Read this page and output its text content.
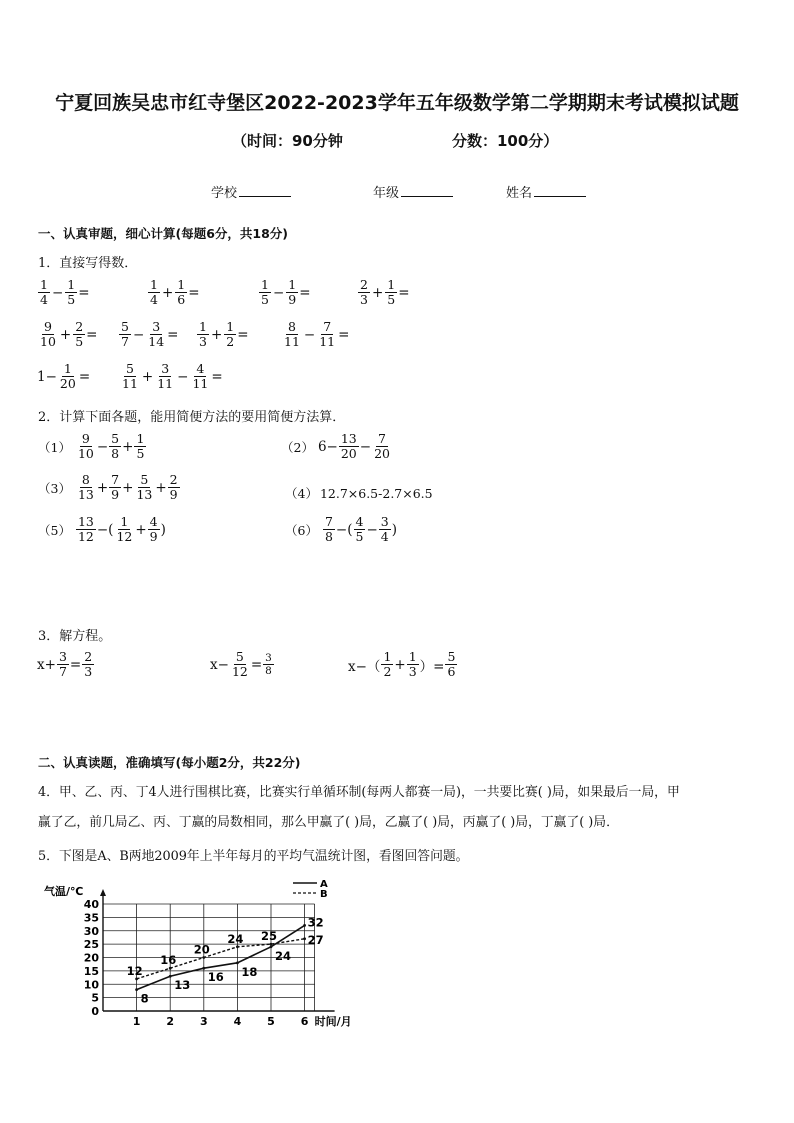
宁夏回族吴忠市红寺堡区2022-2023学年五年级数学第二学期期末考试模拟试题
（时间：90分钟	分数：100分）
学校	年级	姓名
一、认真审题，细心计算(每题6分，共18分)
1．直接写得数．
$\frac{1}{4} - \frac{1}{5}$ =	$\frac{1}{4} + \frac{1}{6}$ =	$\frac{1}{5} - \frac{1}{9}$ =	$\frac{2}{3} + \frac{1}{5}$ =
$\frac{9}{10} + \frac{2}{5} = \frac{5}{7} - \frac{3}{14} = \frac{1}{3} + \frac{1}{2}$ =	$\frac{8}{11} - \frac{7}{11}$ =
$1- \frac{1}{20} = \frac{5}{11} + \frac{3}{11} - \frac{4}{11}$ =
2．计算下面各题，能用简便方法的要用简便方法算．
$(1) \frac{9}{10} - \frac{5}{8} + \frac{1}{5}$	（2） $6- \frac{13}{20} - \frac{7}{20}$
$(3) \frac{8}{13} + \frac{7}{9} + \frac{5}{13} + \frac{2}{9}$	（4） 12.7×6.5-2.7×6.5
$(5) \frac{13}{12}$ −( $\frac{1}{12} + \frac{4}{9}$ )	$(6) \frac{7}{8}$ −( $\frac{4}{5} - \frac{3}{4}$ )
3．解方程。
$x+ \frac{3}{7} = \frac{2}{3}$	$x- \frac{5}{12} = \frac{3}{8}$	$x-( \frac{1}{2} + \frac{1}{3}$ ）= $\frac{5}{6}$
二、认真读题，准确填写(每小题2分，共22分)
4．甲、乙、丙、丁4人进行围棋比赛，比赛实行单循环制(每两人都赛一局)，一共要比赛( )局，如果最后一局，甲
赢了乙，前几局乙、丙、丁赢的局数相同，那么甲赢了( )局，乙赢了( )局，丙赢了( )局，丁赢了( )局．
5．下图是A、B两地2009年上半年每月的平均气温统计图，看图回答问题。
气温/℃
时间/月
0
5
10
15
20
25
30
35
40
1 2 3 4 5 6
8
13
16 18
24
32
12
16
20
24 25	27
A
B
